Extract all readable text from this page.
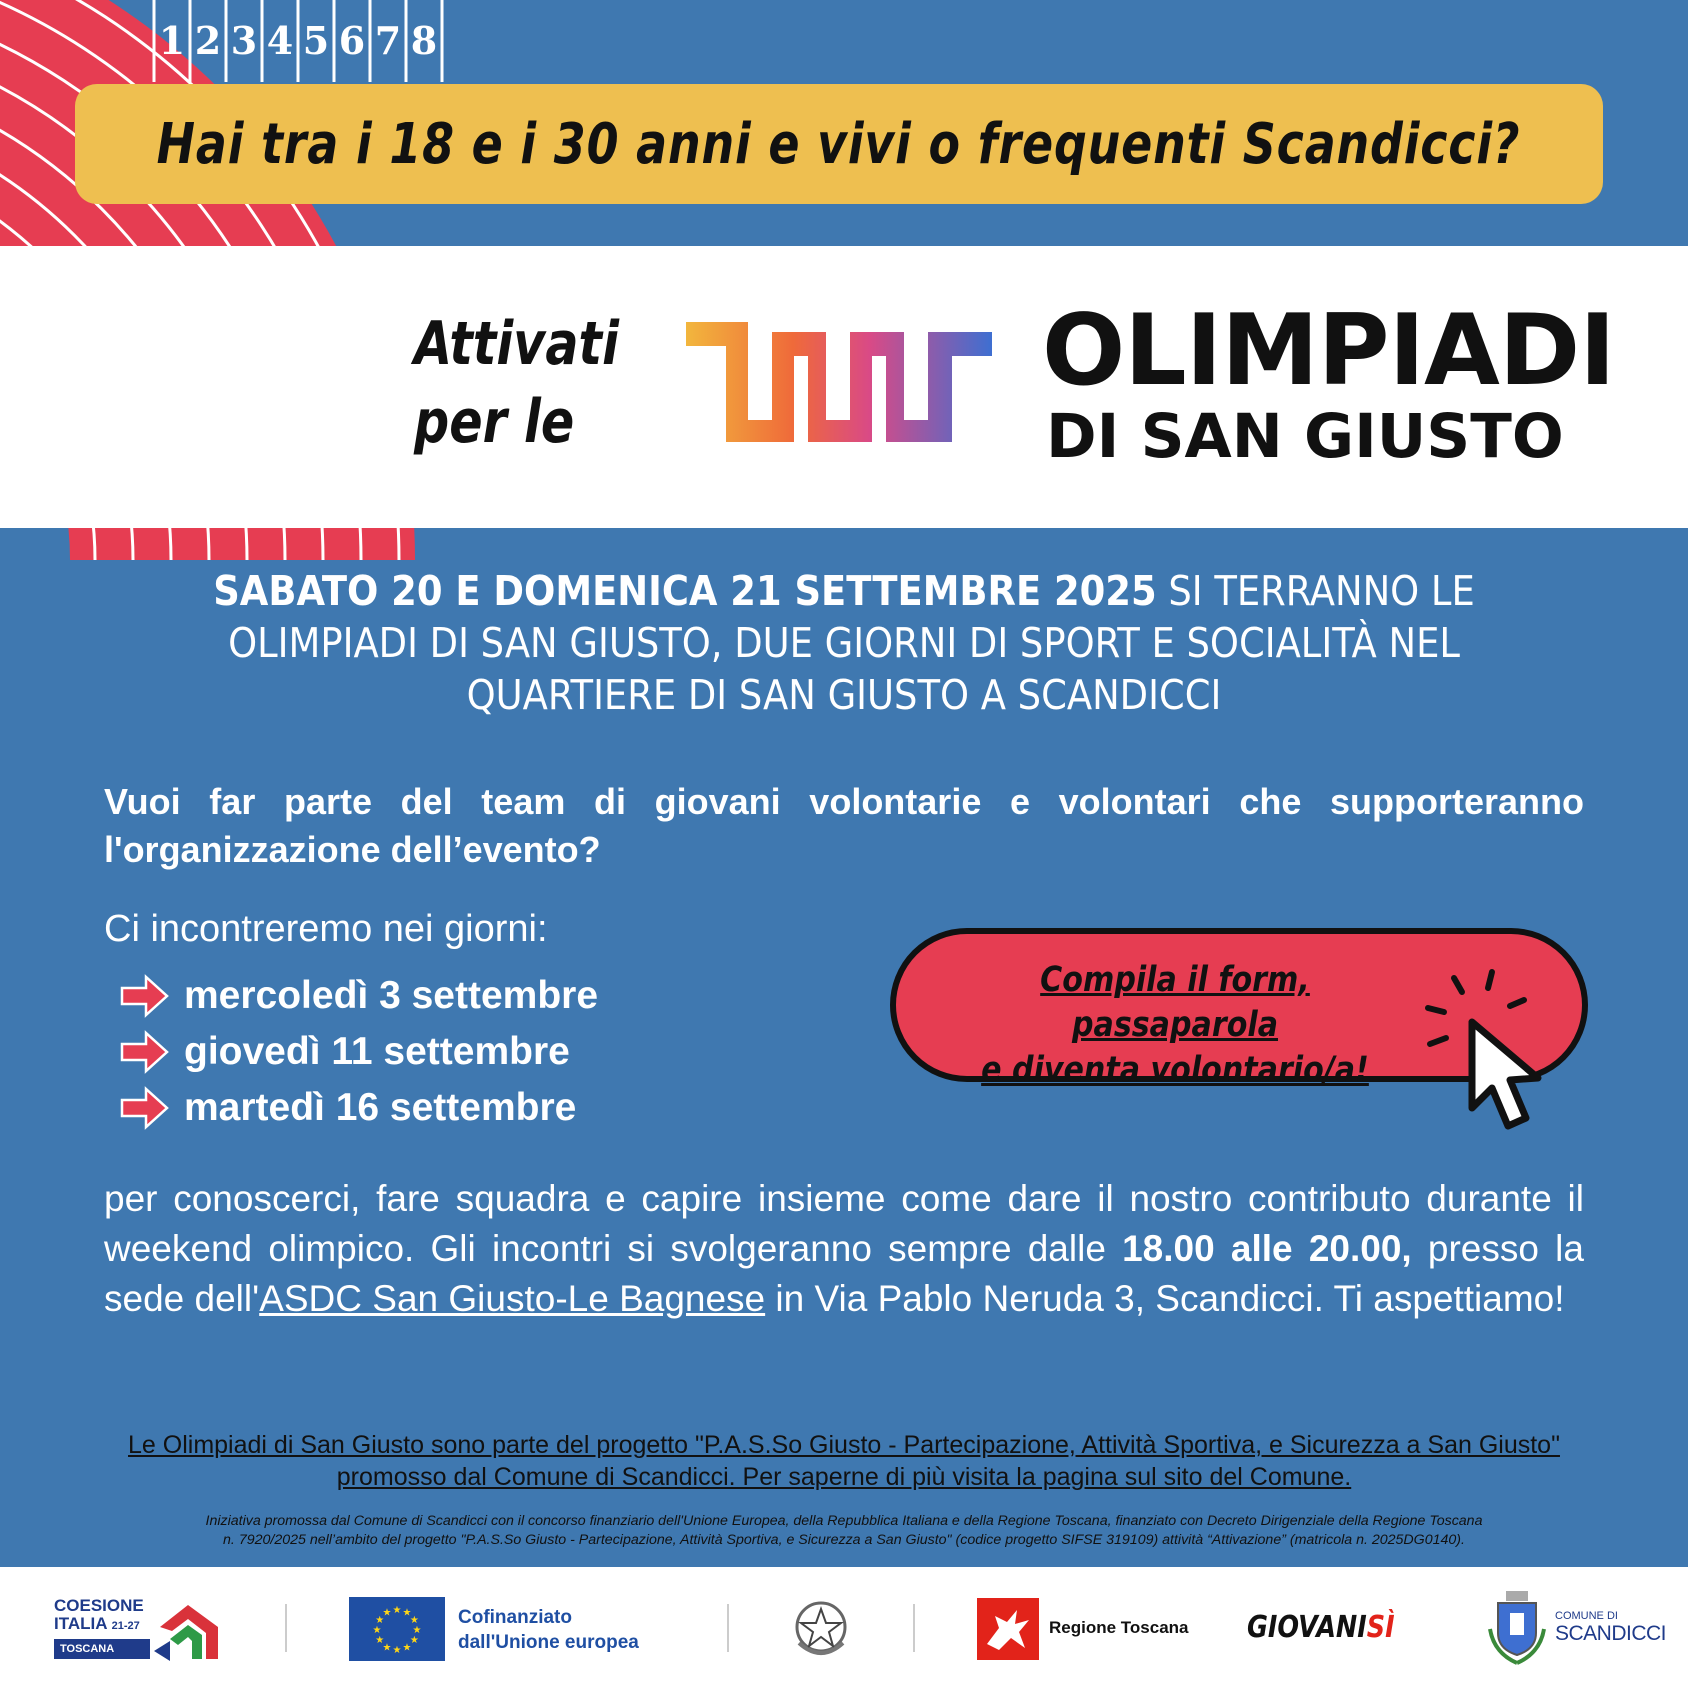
1 2 3 4 5 6 7 8
Hai tra i 18 e i 30 anni e vivi o frequenti Scandicci?
Attivati
per le
OLIMPIADI
DI SAN GIUSTO
SABATO 20 E DOMENICA 21 SETTEMBRE 2025 SI TERRANNO LE OLIMPIADI DI SAN GIUSTO, DUE GIORNI DI SPORT E SOCIALITÀ NEL QUARTIERE DI SAN GIUSTO A SCANDICCI
Vuoi far parte del team di giovani volontarie e volontari che supporteranno l'organizzazione dell’evento?
Ci incontreremo nei giorni:
mercoledì 3 settembre
giovedì 11 settembre
martedì 16 settembre
Compila il form, passaparola
e diventa volontario/a!
per conoscerci, fare squadra e capire insieme come dare il nostro contributo durante il weekend olimpico. Gli incontri si svolgeranno sempre dalle 18.00 alle 20.00, presso la sede dell'ASDC San Giusto-Le Bagnese in Via Pablo Neruda 3, Scandicci. Ti aspettiamo!
Le Olimpiadi di San Giusto sono parte del progetto "P.A.S.So Giusto - Partecipazione, Attività Sportiva, e Sicurezza a San Giusto"
promosso dal Comune di Scandicci. Per saperne di più visita la pagina sul sito del Comune.
Iniziativa promossa dal Comune di Scandicci con il concorso finanziario dell'Unione Europea, della Repubblica Italiana e della Regione Toscana, finanziato con Decreto Dirigenziale della Regione Toscana
n. 7920/2025 nell’ambito del progetto "P.A.S.So Giusto - Partecipazione, Attività Sportiva, e Sicurezza a San Giusto" (codice progetto SIFSE 319109) attività “Attivazione” (matricola n. 2025DG0140).
COESIONE
ITALIA 21-27
TOSCANA
★
★
★
★
★
★
★
★
★ ★ ★
★ Cofinanziato
dall'Unione europea
Regione Toscana GIOVANISÌ	COMUNE DI
SCANDICCI
